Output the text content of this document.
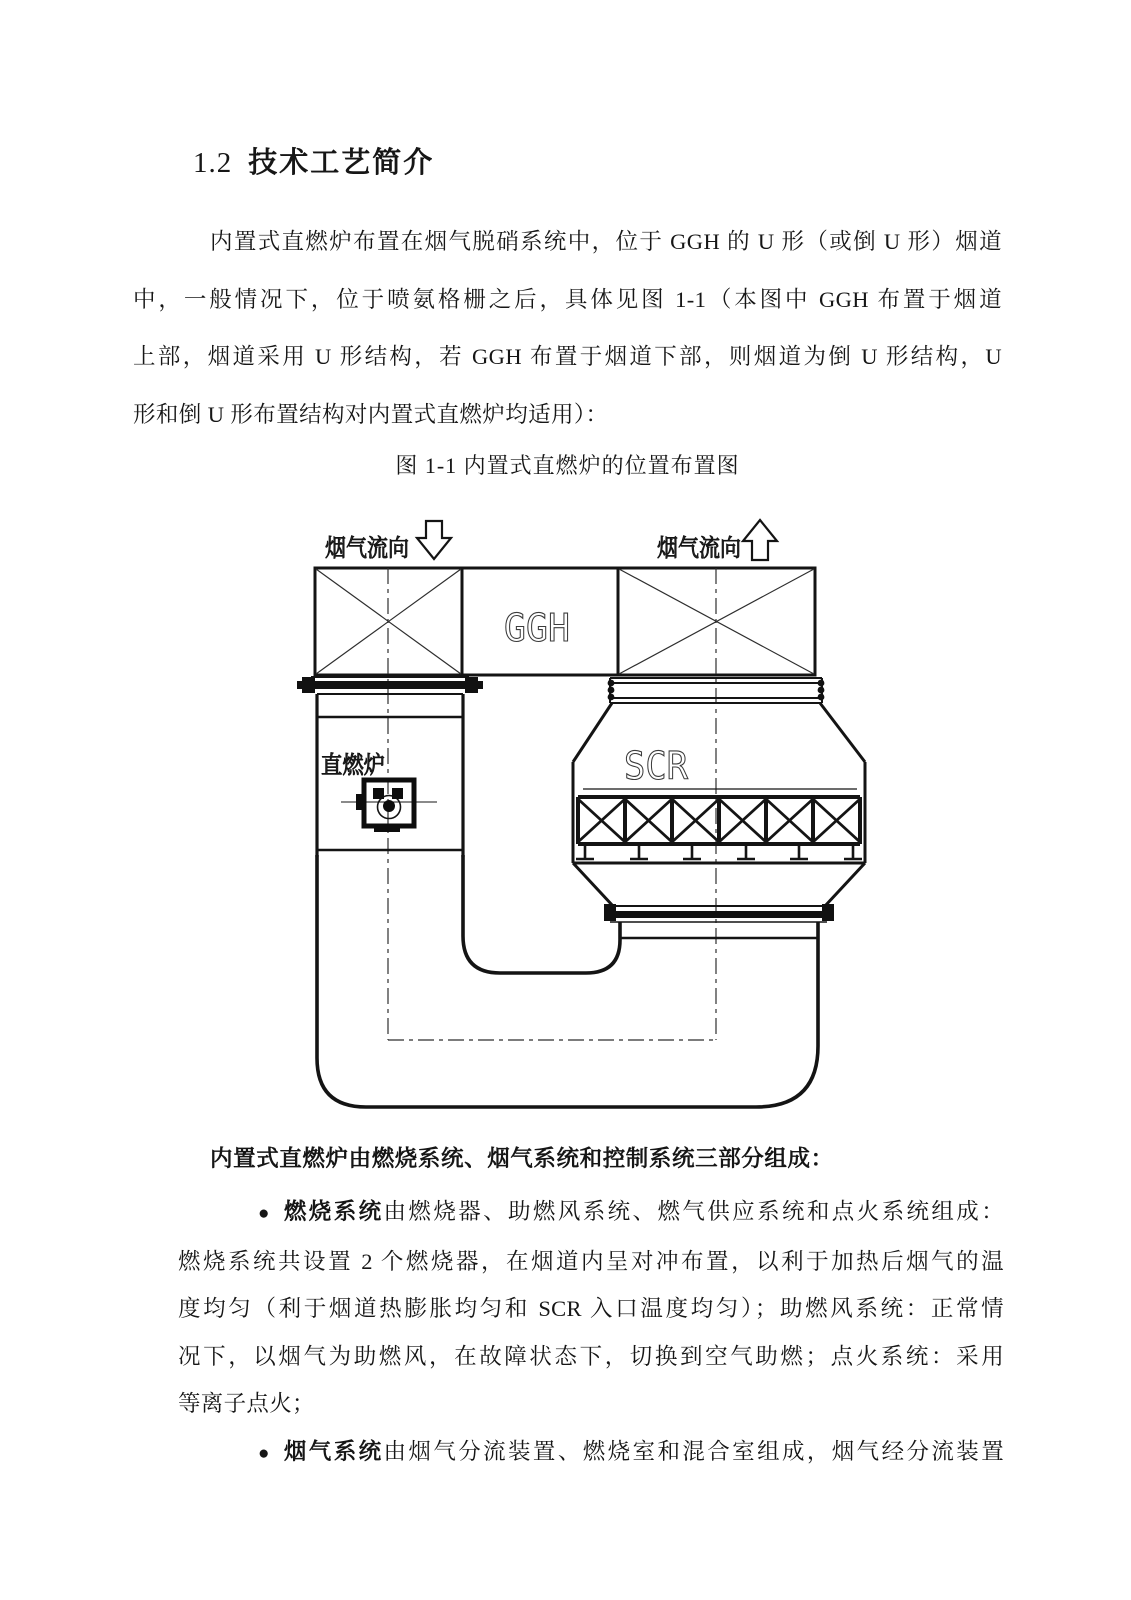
1.2 技术工艺简介
内置式直燃炉布置在烟气脱硝系统中，位于 GGH 的 U 形（或倒 U 形）烟道
中，一般情况下，位于喷氨格栅之后，具体见图 1-1（本图中 GGH 布置于烟道
上部，烟道采用 U 形结构，若 GGH 布置于烟道下部，则烟道为倒 U 形结构，U
形和倒 U 形布置结构对内置式直燃炉均适用）：
图 1-1 内置式直燃炉的位置布置图
烟气流向	烟气流向
GGH
直燃炉	SCR
内置式直燃炉由燃烧系统、烟气系统和控制系统三部分组成：
● 燃烧系统由燃烧器、助燃风系统、燃气供应系统和点火系统组成：
燃烧系统共设置 2 个燃烧器，在烟道内呈对冲布置，以利于加热后烟气的温
度均匀（利于烟道热膨胀均匀和 SCR 入口温度均匀）；助燃风系统：正常情
况下，以烟气为助燃风，在故障状态下，切换到空气助燃；点火系统：采用
等离子点火；
● 烟气系统由烟气分流装置、燃烧室和混合室组成，烟气经分流装置
